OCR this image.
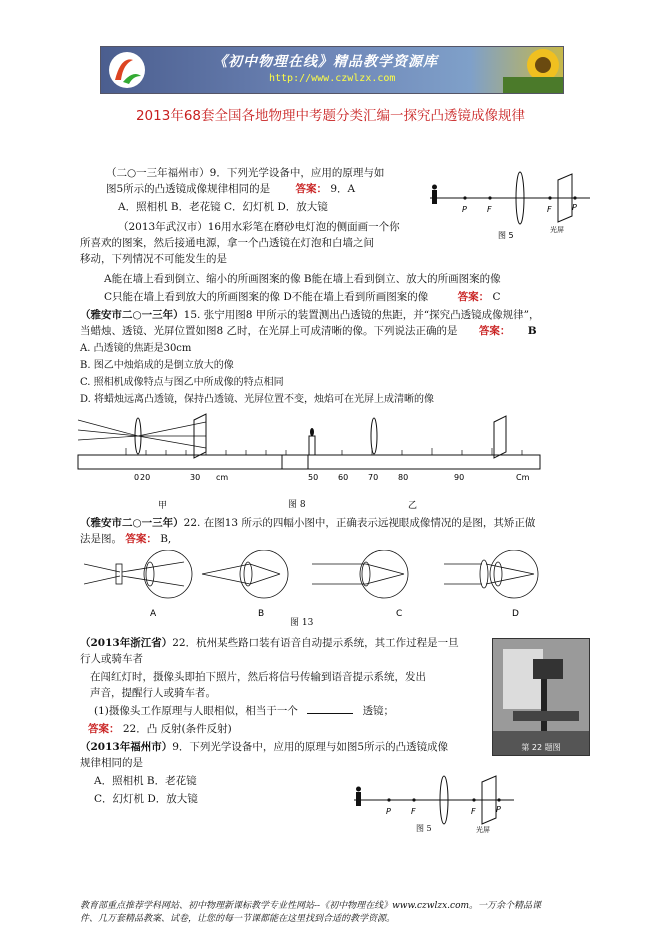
《初中物理在线》精品教学资源库
http://www.czwlzx.com
2013年68套全国各地物理中考题分类汇编一探究凸透镜成像规律
（二○一三年福州市）9．下列光学设备中，应用的原理与如
图5所示的凸透镜成像规律相同的是 答案： 9．A
A．照相机 B．老花镜 C．幻灯机 D．放大镜	P	F	F	P
光屏
图 5
（2013年武汉市）16用水彩笔在磨砂电灯泡的侧面画一个你
所喜欢的图案，然后接通电源，拿一个凸透镜在灯泡和白墙之间
移动，下列情况不可能发生的是
A能在墙上看到倒立、缩小的所画图案的像 B能在墙上看到倒立、放大的所画图案的像
C只能在墙上看到放大的所画图案的像 D不能在墙上看到所画图案的像	答案： C
（雅安市二○一三年）15. 张宁用图8 甲所示的装置测出凸透镜的焦距，并“探究凸透镜成像规律”，
当蜡烛、透镜、光屏位置如图8 乙时，在光屏上可成清晰的像。下列说法正确的是 答案： B
A. 凸透镜的焦距是30cm
B. 图乙中烛焰成的是倒立放大的像
C. 照相机成像特点与图乙中所成像的特点相同
D. 将蜡烛远离凸透镜，保持凸透镜、光屏位置不变，烛焰可在光屏上成清晰的像
0 20	30 cm
甲
50 60 70 80	90	Cm
乙
图 8
（雅安市二○一三年）22. 在图13 所示的四幅小图中，正确表示远视眼成像情况的是图，其矫正做
法是图。 答案： B,
A	B	C	D
图 13
（2013年浙江省）22．杭州某些路口装有语音自动提示系统，其工作过程是一旦
行人或骑车者
在闯红灯时，摄像头即拍下照片，然后将信号传输到语音提示系统，发出
声音，提醒行人或骑车者。
(1)摄像头工作原理与人眼相似，相当于一个	透镜；
答案： 22．凸 反射(条件反射)
第 22 题图
（2013年福州市）9．下列光学设备中，应用的原理与如图5所示的凸透镜成像
规律相同的是
A．照相机 B．老花镜
C．幻灯机 D．放大镜
P	F	F	P
光屏
图 5
教育部重点推荐学科网站、初中物理新课标教学专业性网站--《初中物理在线》www.czwlzx.com。一万余个精品课
件、几万套精品教案、试卷，让您的每一节课都能在这里找到合适的教学资源。
